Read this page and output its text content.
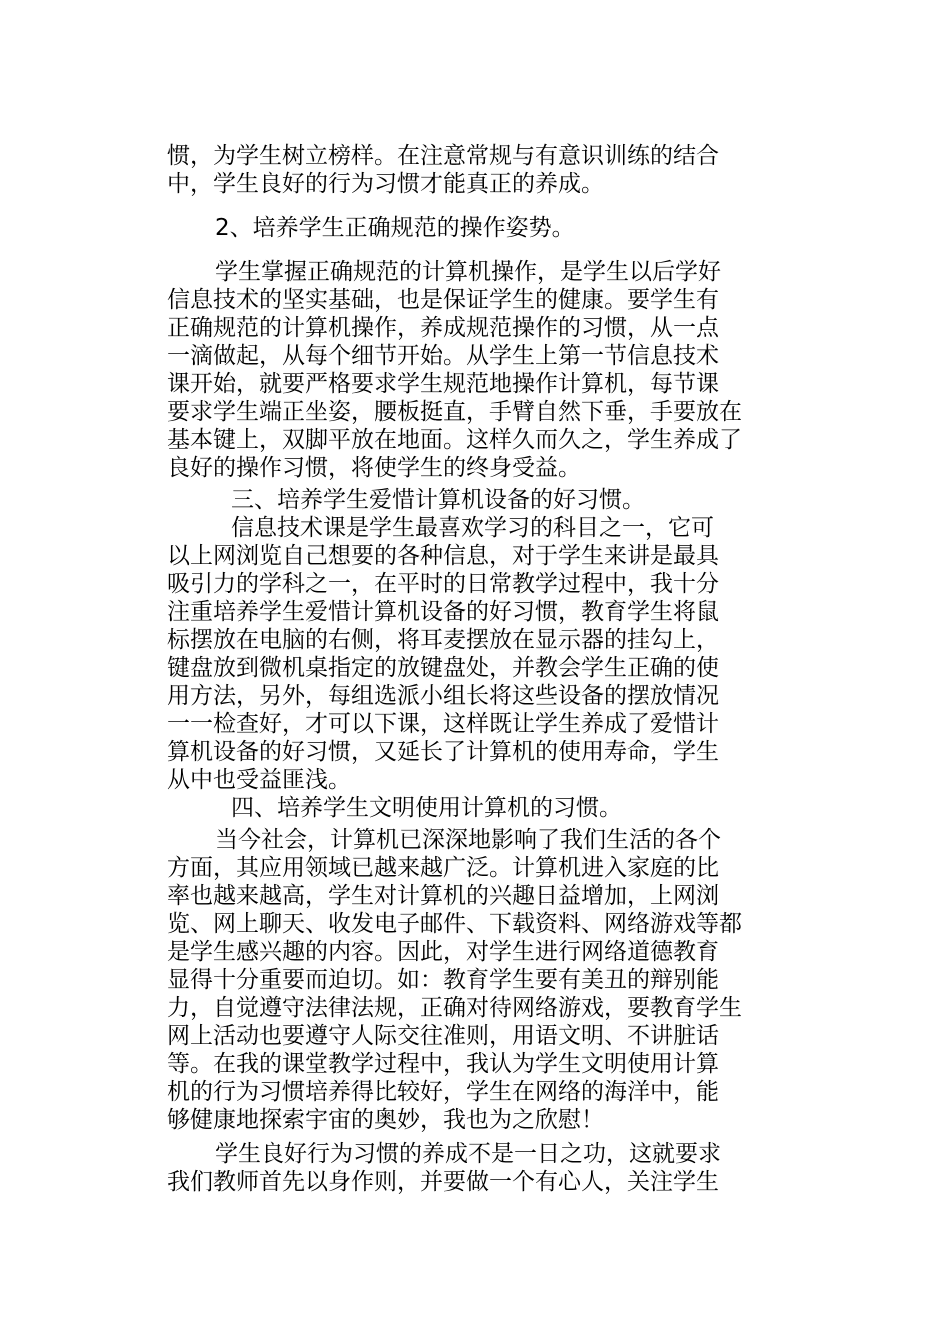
惯，为学生树立榜样。在注意常规与有意识训练的结合
中，学生良好的行为习惯才能真正的养成。
2、培养学生正确规范的操作姿势。
学生掌握正确规范的计算机操作，是学生以后学好
信息技术的坚实基础，也是保证学生的健康。要学生有
正确规范的计算机操作，养成规范操作的习惯，从一点
一滴做起，从每个细节开始。从学生上第一节信息技术
课开始，就要严格要求学生规范地操作计算机，每节课
要求学生端正坐姿，腰板挺直，手臂自然下垂，手要放在
基本键上，双脚平放在地面。这样久而久之，学生养成了
良好的操作习惯，将使学生的终身受益。
三、培养学生爱惜计算机设备的好习惯。
信息技术课是学生最喜欢学习的科目之一，它可
以上网浏览自己想要的各种信息，对于学生来讲是最具
吸引力的学科之一，在平时的日常教学过程中，我十分
注重培养学生爱惜计算机设备的好习惯，教育学生将鼠
标摆放在电脑的右侧，将耳麦摆放在显示器的挂勾上，
键盘放到微机桌指定的放键盘处，并教会学生正确的使
用方法，另外，每组选派小组长将这些设备的摆放情况
一一检查好，才可以下课，这样既让学生养成了爱惜计
算机设备的好习惯，又延长了计算机的使用寿命，学生
从中也受益匪浅。
四、培养学生文明使用计算机的习惯。
当今社会，计算机已深深地影响了我们生活的各个
方面，其应用领域已越来越广泛。计算机进入家庭的比
率也越来越高，学生对计算机的兴趣日益增加，上网浏
览、网上聊天、收发电子邮件、下载资料、网络游戏等都
是学生感兴趣的内容。因此，对学生进行网络道德教育
显得十分重要而迫切。如：教育学生要有美丑的辩别能
力，自觉遵守法律法规，正确对待网络游戏，要教育学生
网上活动也要遵守人际交往准则，用语文明、不讲脏话
等。在我的课堂教学过程中，我认为学生文明使用计算
机的行为习惯培养得比较好，学生在网络的海洋中，能
够健康地探索宇宙的奥妙，我也为之欣慰！
学生良好行为习惯的养成不是一日之功，这就要求
我们教师首先以身作则，并要做一个有心人，关注学生
